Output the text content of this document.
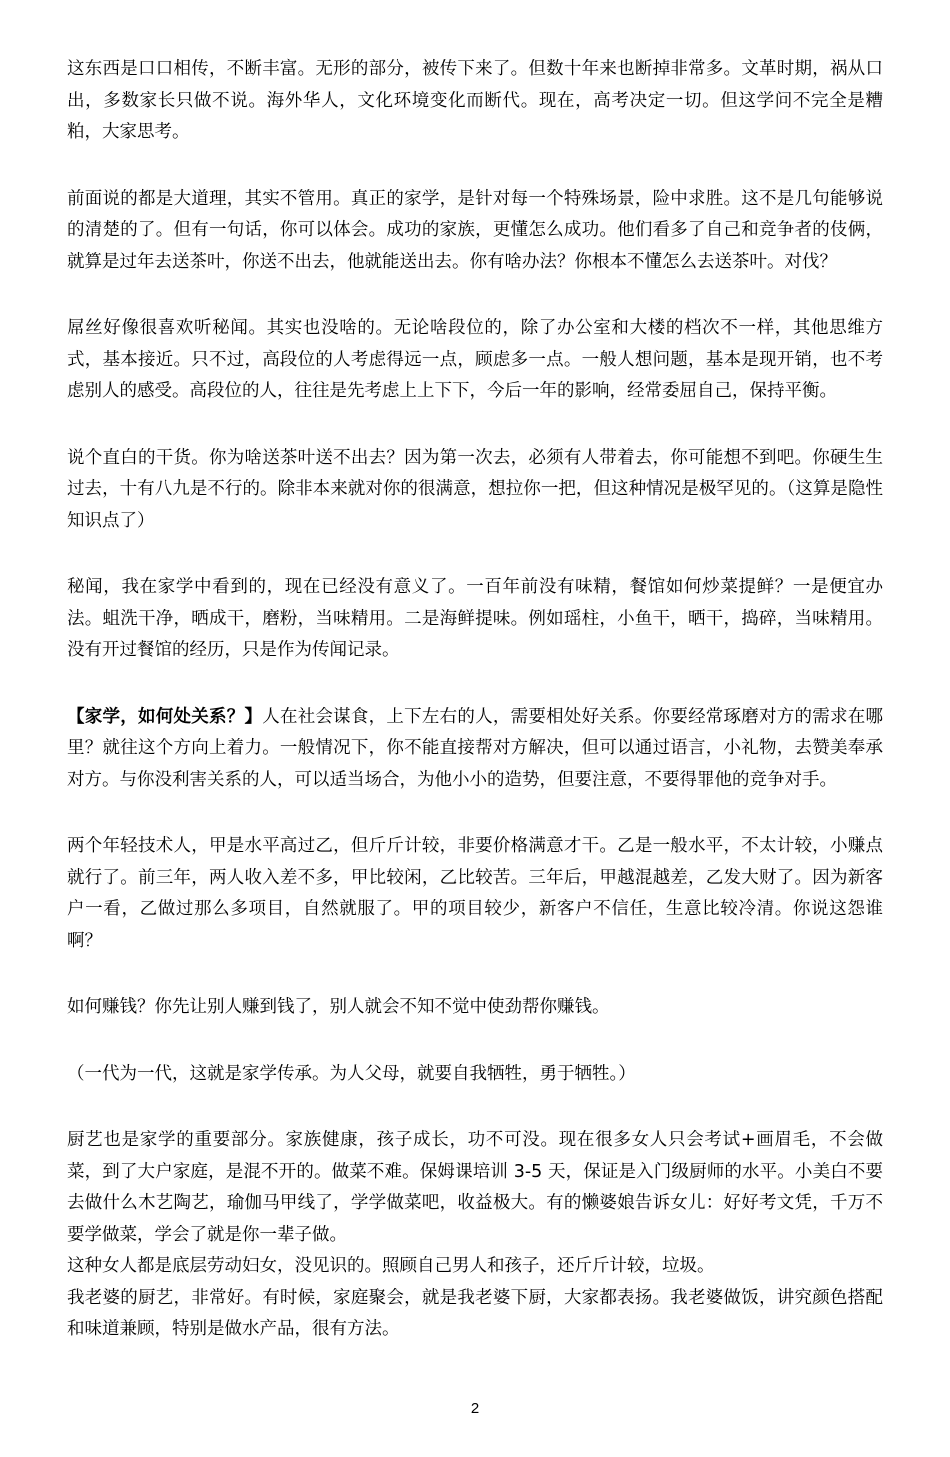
这东西是口口相传，不断丰富。无形的部分，被传下来了。但数十年来也断掉非常多。文革时期，祸从口出，多数家长只做不说。海外华人，文化环境变化而断代。现在，高考决定一切。但这学问不完全是糟粕，大家思考。

前面说的都是大道理，其实不管用。真正的家学，是针对每一个特殊场景，险中求胜。这不是几句能够说的清楚的了。但有一句话，你可以体会。成功的家族，更懂怎么成功。他们看多了自己和竞争者的伎俩，就算是过年去送茶叶，你送不出去，他就能送出去。你有啥办法？你根本不懂怎么去送茶叶。对伐？

屌丝好像很喜欢听秘闻。其实也没啥的。无论啥段位的，除了办公室和大楼的档次不一样，其他思维方式，基本接近。只不过，高段位的人考虑得远一点，顾虑多一点。一般人想问题，基本是现开销，也不考虑别人的感受。高段位的人，往往是先考虑上上下下，今后一年的影响，经常委屈自己，保持平衡。

说个直白的干货。你为啥送茶叶送不出去？因为第一次去，必须有人带着去，你可能想不到吧。你硬生生过去，十有八九是不行的。除非本来就对你的很满意，想拉你一把，但这种情况是极罕见的。（这算是隐性知识点了）

秘闻，我在家学中看到的，现在已经没有意义了。一百年前没有味精，餐馆如何炒菜提鲜？一是便宜办法。蛆洗干净，晒成干，磨粉，当味精用。二是海鲜提味。例如瑶柱，小鱼干，晒干，捣碎，当味精用。没有开过餐馆的经历，只是作为传闻记录。

【家学，如何处关系？】人在社会谋食，上下左右的人，需要相处好关系。你要经常琢磨对方的需求在哪里？就往这个方向上着力。一般情况下，你不能直接帮对方解决，但可以通过语言，小礼物，去赞美奉承对方。与你没利害关系的人，可以适当场合，为他小小的造势，但要注意，不要得罪他的竞争对手。

两个年轻技术人，甲是水平高过乙，但斤斤计较，非要价格满意才干。乙是一般水平，不太计较，小赚点就行了。前三年，两人收入差不多，甲比较闲，乙比较苦。三年后，甲越混越差，乙发大财了。因为新客户一看，乙做过那么多项目，自然就服了。甲的项目较少，新客户不信任，生意比较冷清。你说这怨谁啊？

如何赚钱？你先让别人赚到钱了，别人就会不知不觉中使劲帮你赚钱。

（一代为一代，这就是家学传承。为人父母，就要自我牺牲，勇于牺牲。）

厨艺也是家学的重要部分。家族健康，孩子成长，功不可没。现在很多女人只会考试+画眉毛，不会做菜，到了大户家庭，是混不开的。做菜不难。保姆课培训 3-5 天，保证是入门级厨师的水平。小美白不要去做什么木艺陶艺，瑜伽马甲线了，学学做菜吧，收益极大。有的懒婆娘告诉女儿：好好考文凭，千万不要学做菜，学会了就是你一辈子做。

这种女人都是底层劳动妇女，没见识的。照顾自己男人和孩子，还斤斤计较，垃圾。

我老婆的厨艺，非常好。有时候，家庭聚会，就是我老婆下厨，大家都表扬。我老婆做饭，讲究颜色搭配和味道兼顾，特别是做水产品，很有方法。

2
